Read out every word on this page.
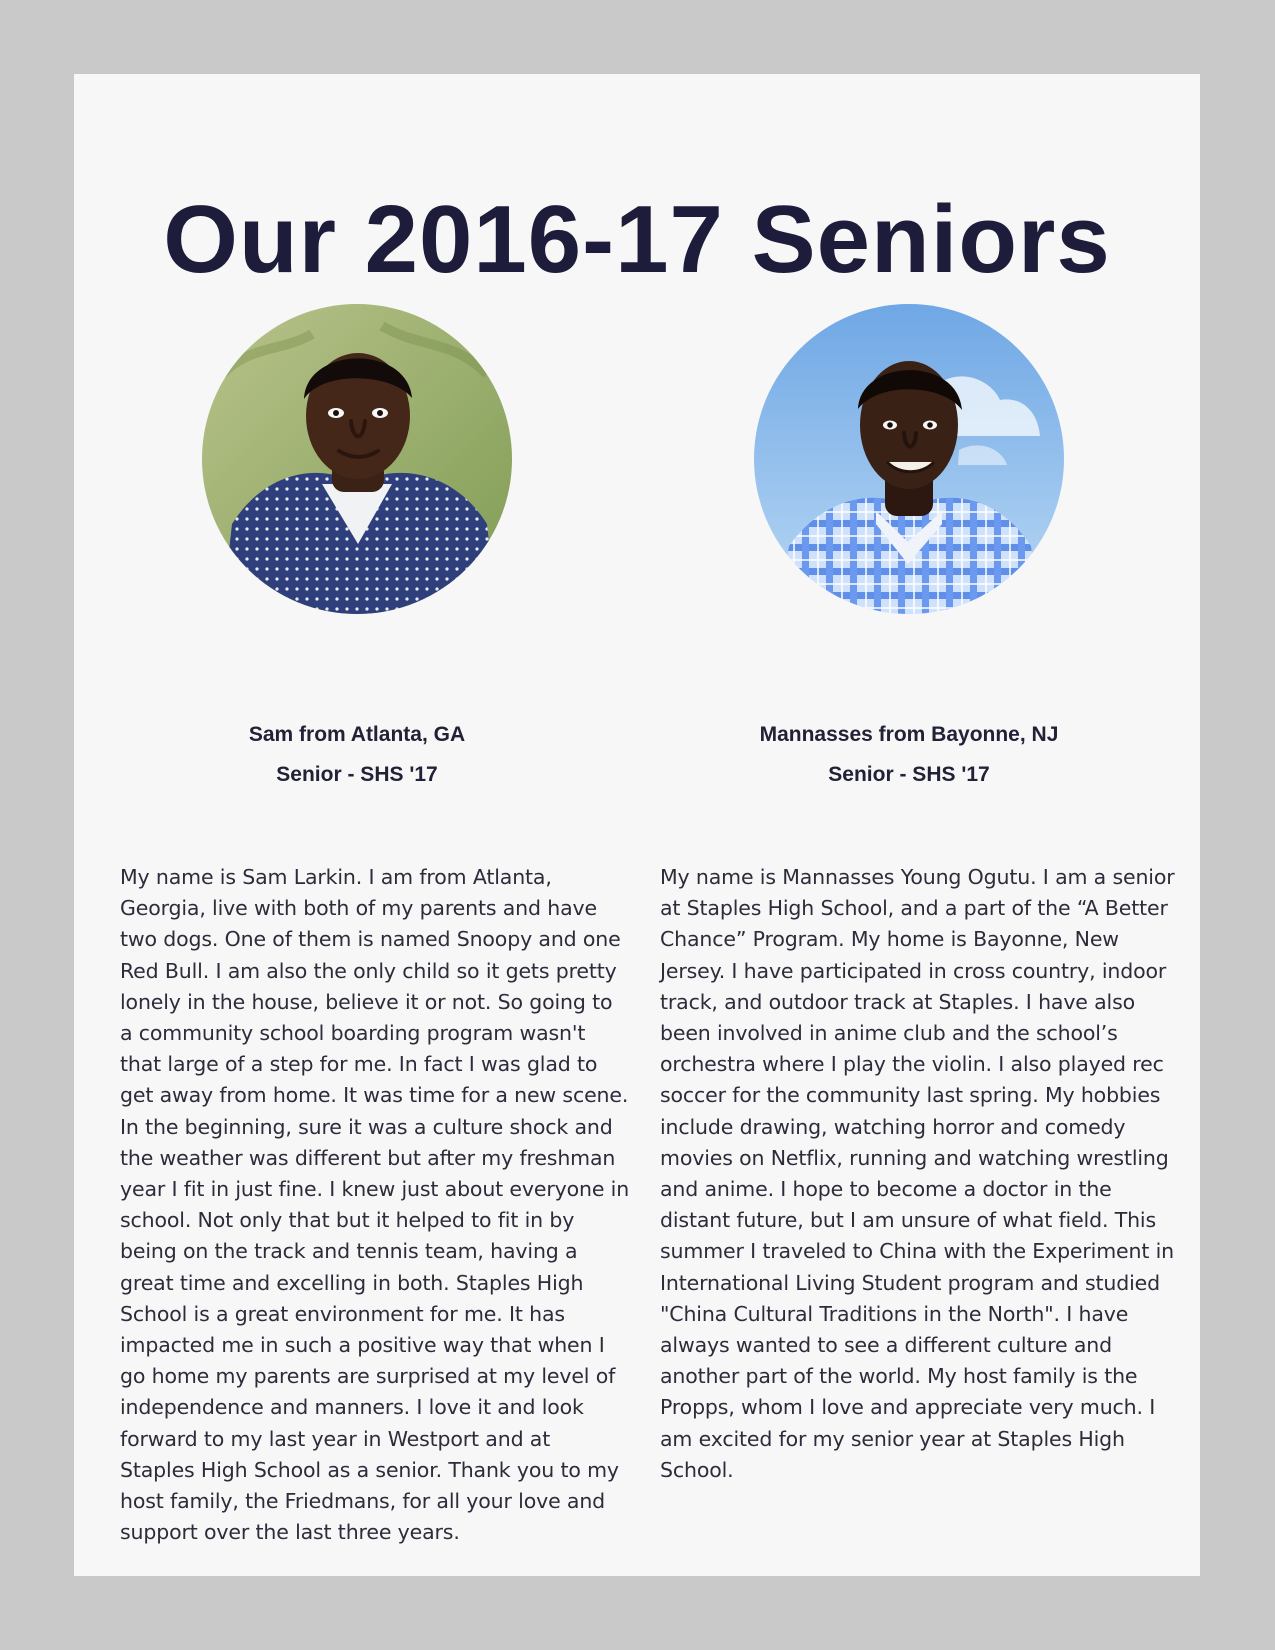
Our 2016-17 Seniors

Sam from Atlanta, GA
Senior - SHS '17

My name is Sam Larkin. I am from Atlanta, Georgia, live with both of my parents and have two dogs. One of them is named Snoopy and one Red Bull. I am also the only child so it gets pretty lonely in the house, believe it or not. So going to a community school boarding program wasn't that large of a step for me. In fact I was glad to get away from home. It was time for a new scene. In the beginning, sure it was a culture shock and the weather was different but after my freshman year I fit in just fine. I knew just about everyone in school. Not only that but it helped to fit in by being on the track and tennis team, having a great time and excelling in both. Staples High School is a great environment for me. It has impacted me in such a positive way that when I go home my parents are surprised at my level of independence and manners. I love it and look forward to my last year in Westport and at Staples High School as a senior. Thank you to my host family, the Friedmans, for all your love and support over the last three years.

Mannasses from Bayonne, NJ
Senior - SHS '17

My name is Mannasses Young Ogutu. I am a senior at Staples High School, and a part of the “A Better Chance” Program. My home is Bayonne, New Jersey. I have participated in cross country, indoor track, and outdoor track at Staples. I have also been involved in anime club and the school’s orchestra where I play the violin. I also played rec soccer for the community last spring. My hobbies include drawing, watching horror and comedy movies on Netflix, running and watching wrestling and anime. I hope to become a doctor in the distant future, but I am unsure of what field. This summer I traveled to China with the Experiment in International Living Student program and studied "China Cultural Traditions in the North". I have always wanted to see a different culture and another part of the world. My host family is the Propps, whom I love and appreciate very much. I am excited for my senior year at Staples High School.
